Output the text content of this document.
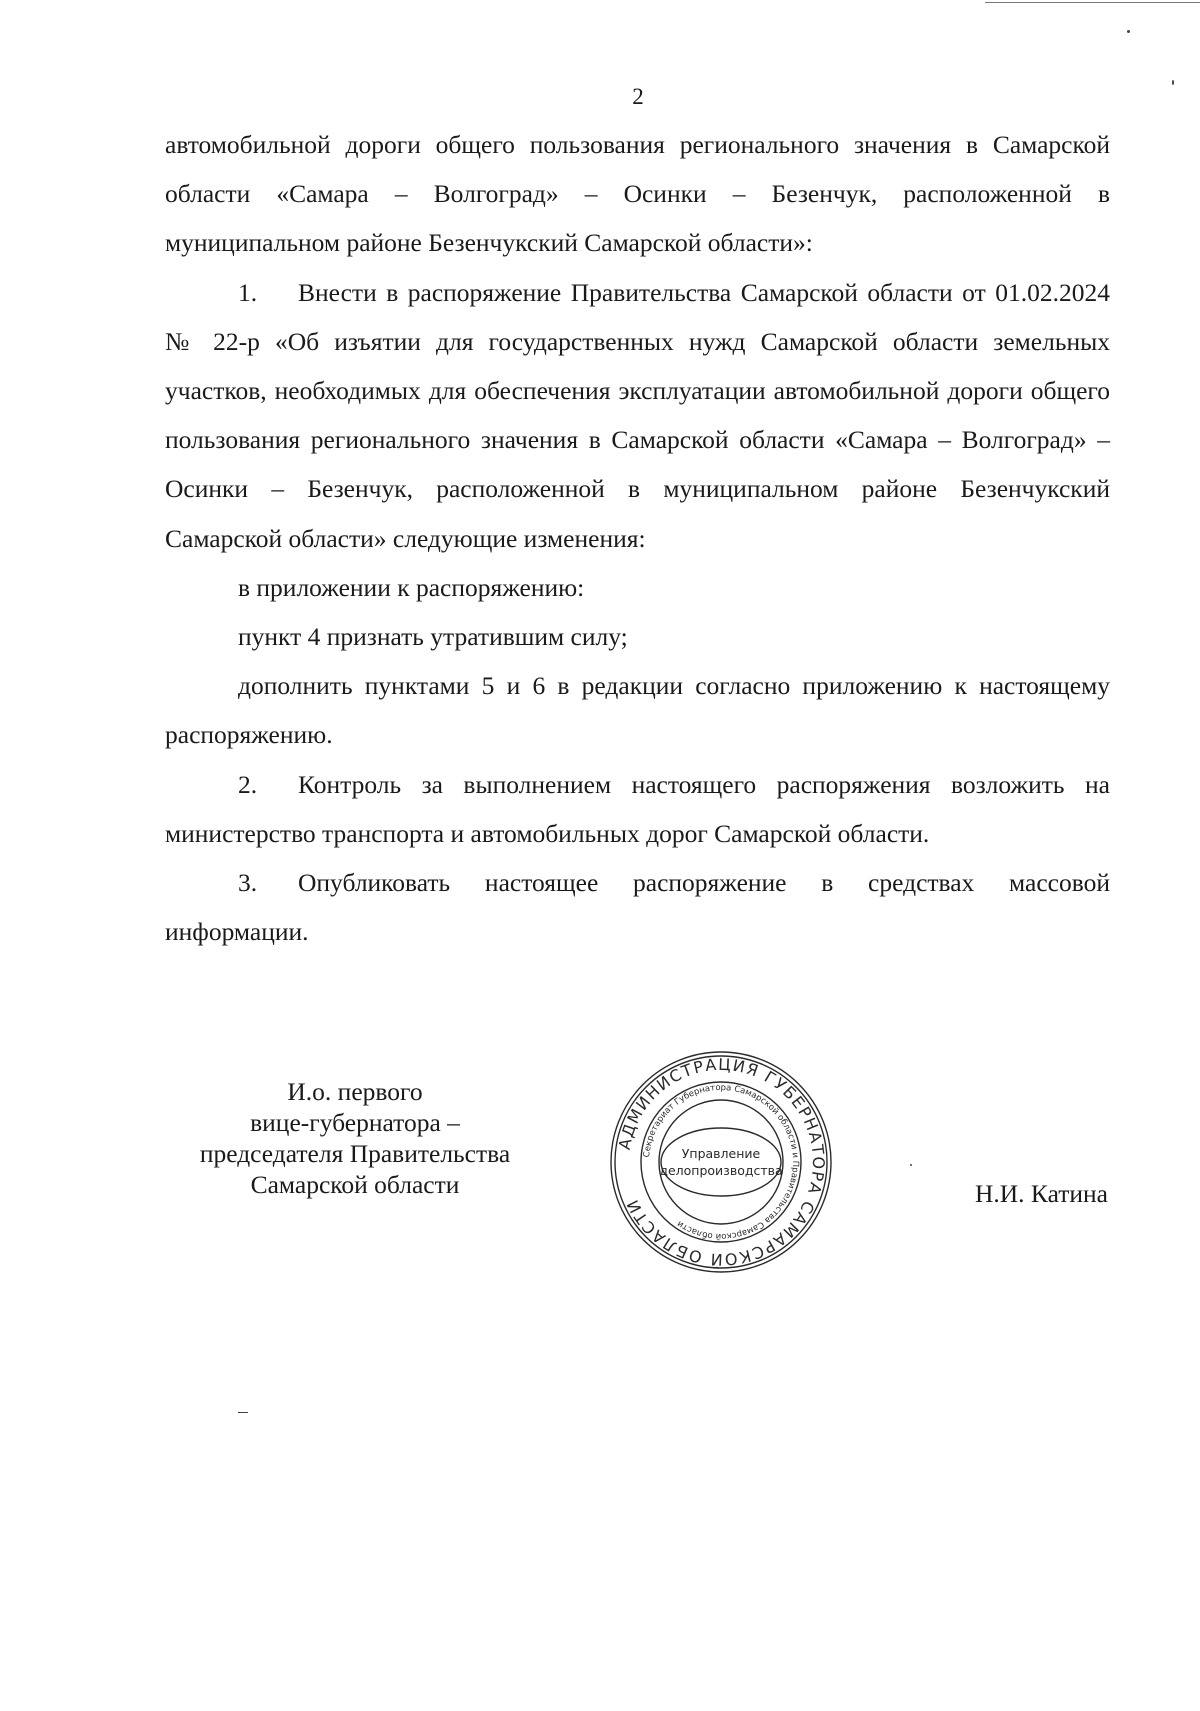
2

автомобильной дороги общего пользования регионального значения в Самарской области «Самара – Волгоград» – Осинки – Безенчук, расположенной в муниципальном районе Безенчукский Самарской области»:

1. Внести в распоряжение Правительства Самарской области от 01.02.2024 № 22-р «Об изъятии для государственных нужд Самарской области земельных участков, необходимых для обеспечения эксплуатации автомобильной дороги общего пользования регионального значения в Самарской области «Самара – Волгоград» – Осинки – Безенчук, расположенной в муниципальном районе Безенчукский Самарской области» следующие изменения:

в приложении к распоряжению:

пункт 4 признать утратившим силу;

дополнить пунктами 5 и 6 в редакции согласно приложению к настоящему распоряжению.

2. Контроль за выполнением настоящего распоряжения возложить на министерство транспорта и автомобильных дорог Самарской области.

3. Опубликовать настоящее распоряжение в средствах массовой информации.

И.о. первого
вице-губернатора –
председателя Правительства
Самарской области	Н.И. Катина

АДМИНИСТРАЦИЯ ГУБЕРНАТОРА САМАРСКОЙ ОБЛАСТИ
Секретариат Губернатора Самарской области и Правительства Самарской области
Управление
делопроизводства
